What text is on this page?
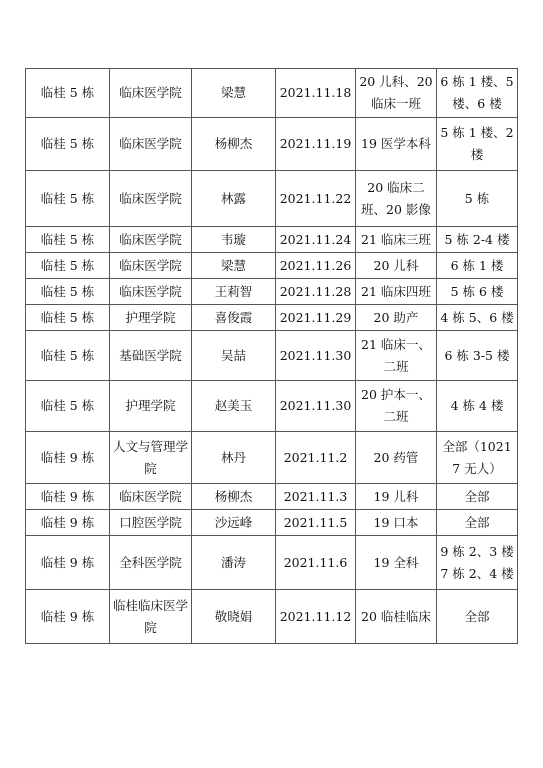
临桂 5 栋	临床医学院	梁慧	2021.11.18	20 儿科、20 临床一班	6 栋 1 楼、5 楼、6 楼
临桂 5 栋	临床医学院	杨柳杰	2021.11.19	19 医学本科	5 栋 1 楼、2 楼
临桂 5 栋	临床医学院	林露	2021.11.22	20 临床二班、20 影像	5 栋
临桂 5 栋	临床医学院	韦璇	2021.11.24	21 临床三班	5 栋 2-4 楼
临桂 5 栋	临床医学院	梁慧	2021.11.26	20 儿科	6 栋 1 楼
临桂 5 栋	临床医学院	王莉智	2021.11.28	21 临床四班	5 栋 6 楼
临桂 5 栋	护理学院	喜俊霞	2021.11.29	20 助产	4 栋 5、6 楼
临桂 5 栋	基础医学院	吴喆	2021.11.30	21 临床一、二班	6 栋 3-5 楼
临桂 5 栋	护理学院	赵美玉	2021.11.30	20 护本一、二班	4 栋 4 楼
临桂 9 栋	人文与管理学院	林丹	2021.11.2	20 药管	全部（10217 无人）
临桂 9 栋	临床医学院	杨柳杰	2021.11.3	19 儿科	全部
临桂 9 栋	口腔医学院	沙远峰	2021.11.5	19 口本	全部
临桂 9 栋	全科医学院	潘涛	2021.11.6	19 全科	9 栋 2、3 楼 7 栋 2、4 楼
临桂 9 栋	临桂临床医学院	敬晓娟	2021.11.12	20 临桂临床	全部
